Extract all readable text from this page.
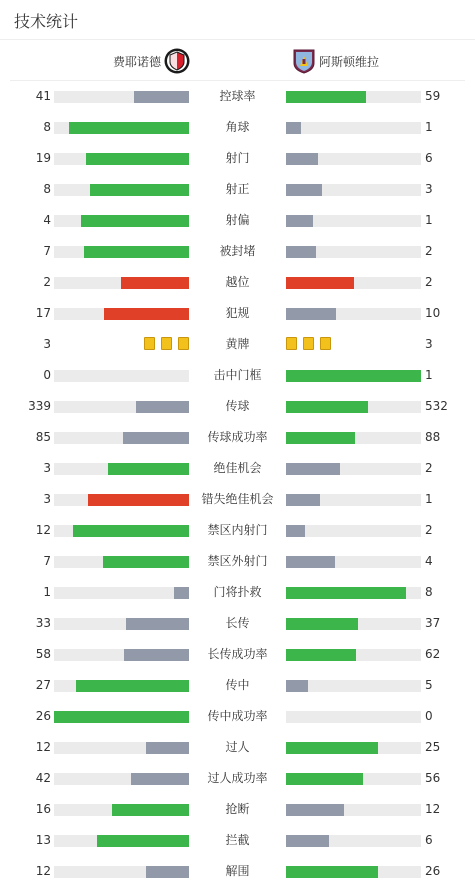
技术统计
费耶诺德	阿斯顿维拉
41	控球率	59
8	角球	1
19	射门	6
8	射正	3
4	射偏	1
7	被封堵	2
2	越位	2
17	犯规	10
3	黄牌	3
0	击中门框	1
339	传球	532
85	传球成功率	88
3	绝佳机会	2
3	错失绝佳机会	1
12	禁区内射门	2
7	禁区外射门	4
1	门将扑救	8
33	长传	37
58	长传成功率	62
27	传中	5
26	传中成功率	0
12	过人	25
42	过人成功率	56
16	抢断	12
13	拦截	6
12	解围	26
